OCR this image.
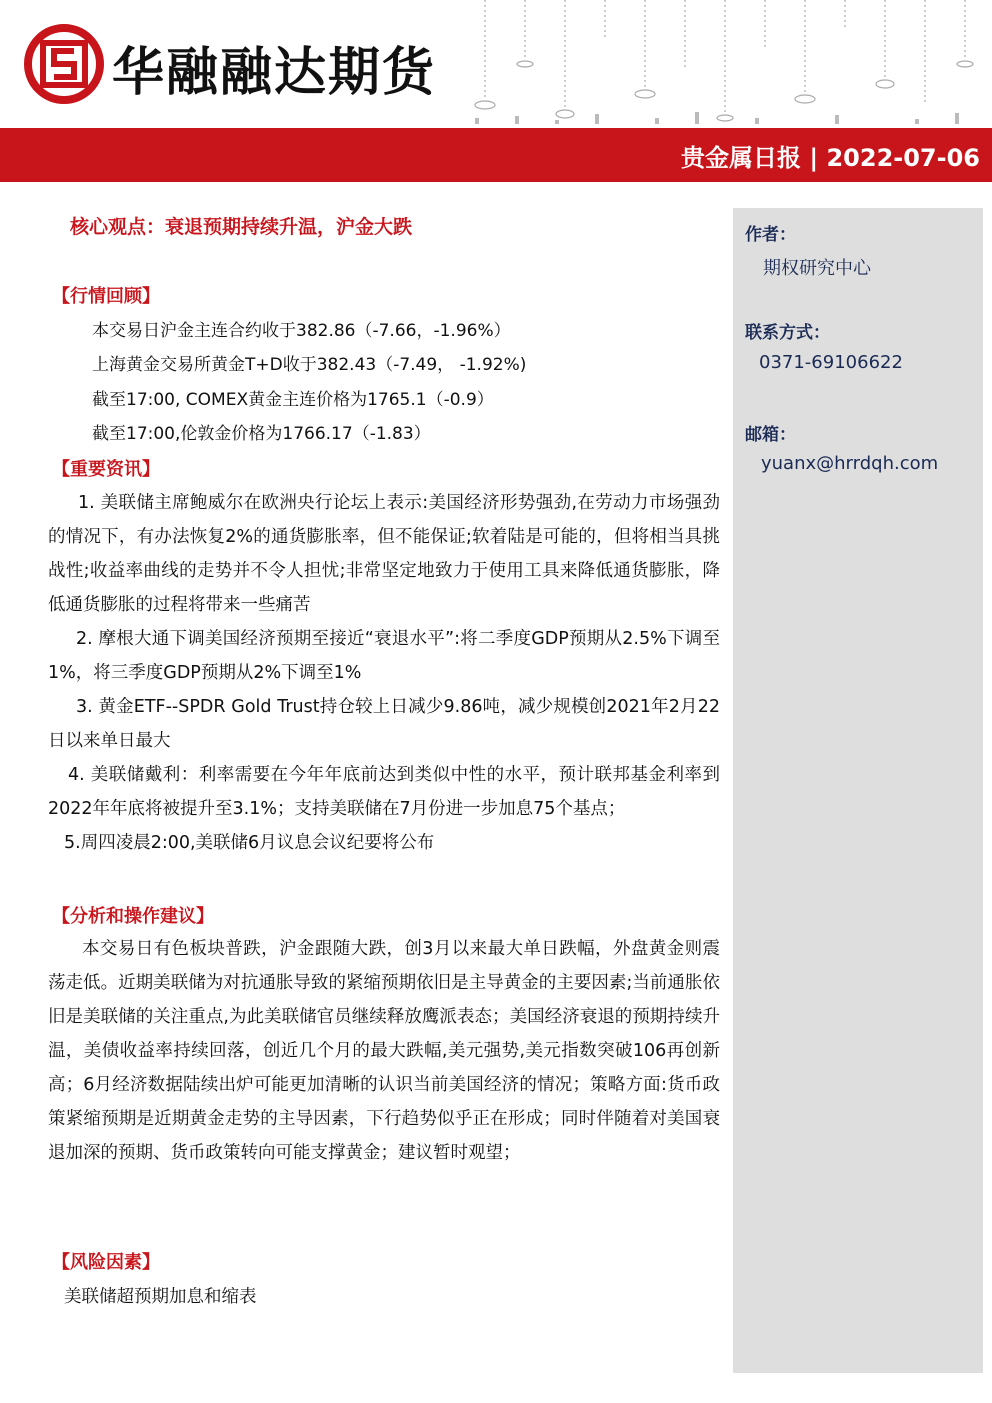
华融融达期货
贵金属日报 | 2022-07-06
作者：
期权研究中心
联系方式：
0371-69106622
邮箱：
yuanx@hrrdqh.com
核心观点：衰退预期持续升温，沪金大跌
【行情回顾】
本交易日沪金主连合约收于382.86（-7.66，-1.96%）
上海黄金交易所黄金T+D收于382.43（-7.49， -1.92%)
截至17:00, COMEX黄金主连价格为1765.1（-0.9）
截至17:00,伦敦金价格为1766.17（-1.83）
【重要资讯】
1. 美联储主席鲍威尔在欧洲央行论坛上表示:美国经济形势强劲,在劳动力市场强劲的情况下，有办法恢复2%的通货膨胀率，但不能保证;软着陆是可能的，但将相当具挑战性;收益率曲线的走势并不令人担忧;非常坚定地致力于使用工具来降低通货膨胀，降低通货膨胀的过程将带来一些痛苦
2. 摩根大通下调美国经济预期至接近“衰退水平”:将二季度GDP预期从2.5%下调至1%，将三季度GDP预期从2%下调至1%
3. 黄金ETF--SPDR Gold Trust持仓较上日减少9.86吨，减少规模创2021年2月22日以来单日最大
4. 美联储戴利：利率需要在今年年底前达到类似中性的水平，预计联邦基金利率到2022年年底将被提升至3.1%；支持美联储在7月份进一步加息75个基点；
5.周四凌晨2:00,美联储6月议息会议纪要将公布
【分析和操作建议】
本交易日有色板块普跌，沪金跟随大跌，创3月以来最大单日跌幅，外盘黄金则震荡走低。近期美联储为对抗通胀导致的紧缩预期依旧是主导黄金的主要因素;当前通胀依旧是美联储的关注重点,为此美联储官员继续释放鹰派表态；美国经济衰退的预期持续升温，美债收益率持续回落，创近几个月的最大跌幅,美元强势,美元指数突破106再创新高；6月经济数据陆续出炉可能更加清晰的认识当前美国经济的情况；策略方面:货币政策紧缩预期是近期黄金走势的主导因素，下行趋势似乎正在形成；同时伴随着对美国衰退加深的预期、货币政策转向可能支撑黄金；建议暂时观望；
【风险因素】
美联储超预期加息和缩表
